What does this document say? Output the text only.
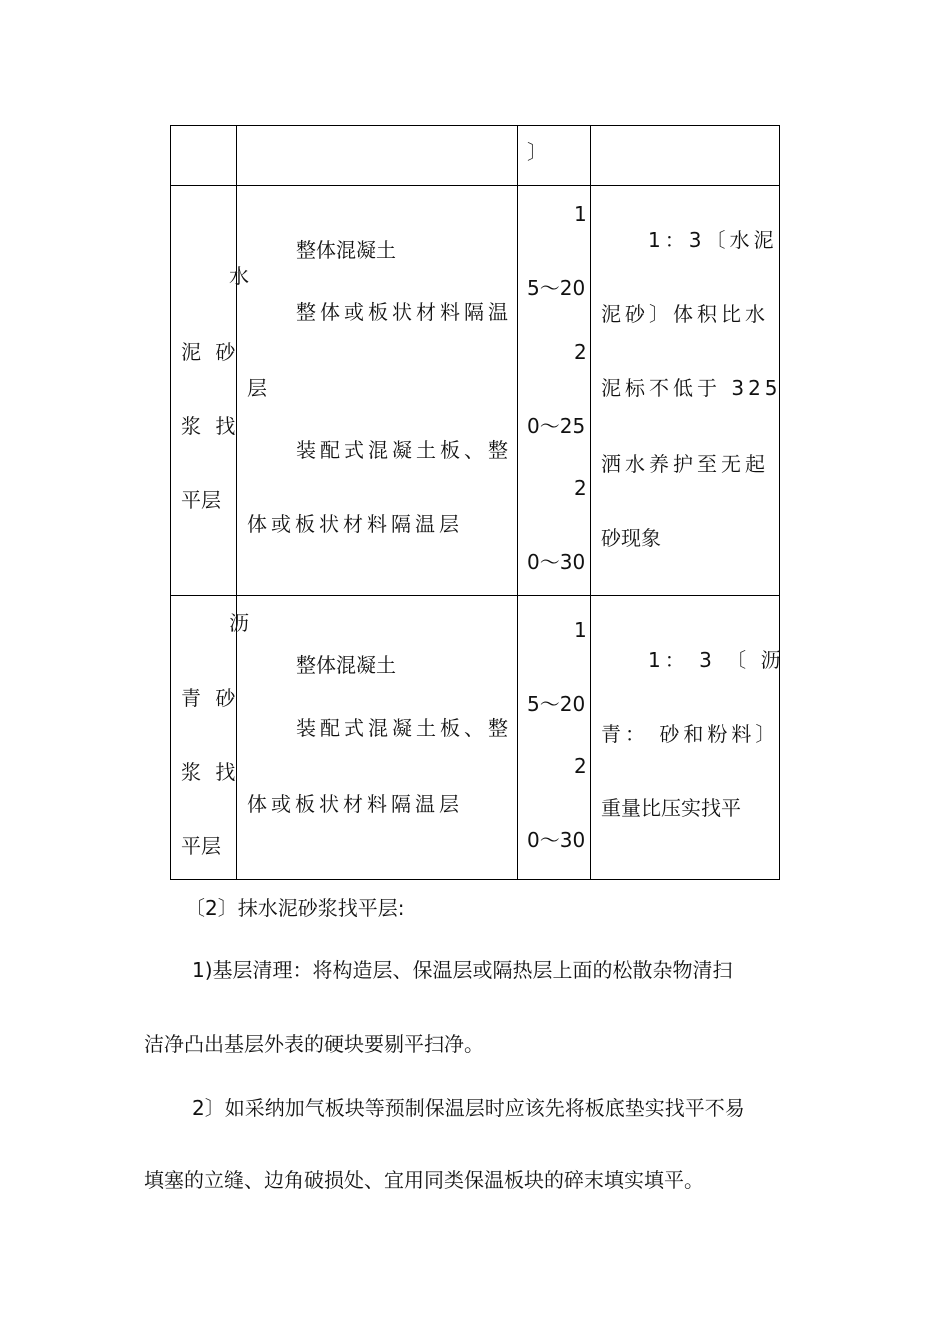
〕
水
泥 砂
浆 找
平层
整体混凝土
整体或板状材料隔温
层
装配式混凝土板、整
体或板状材料隔温层
1
5～20
2
0～25
2
0～30
1：3〔水泥
泥砂〕体积比水
泥标不低于 325
洒水养护至无起
砂现象
沥
青 砂
浆 找
平层
整体混凝土
装配式混凝土板、整
体或板状材料隔温层
1
5～20
2
0～30
1： 3 〔 沥
青： 砂和粉料〕
重量比压实找平
〔2〕抹水泥砂浆找平层:
1)基层清理：将构造层、保温层或隔热层上面的松散杂物清扫
洁净凸出基层外表的硬块要剔平扫净。
2〕如采纳加气板块等预制保温层时应该先将板底垫实找平不易
填塞的立缝、边角破损处、宜用同类保温板块的碎末填实填平。
